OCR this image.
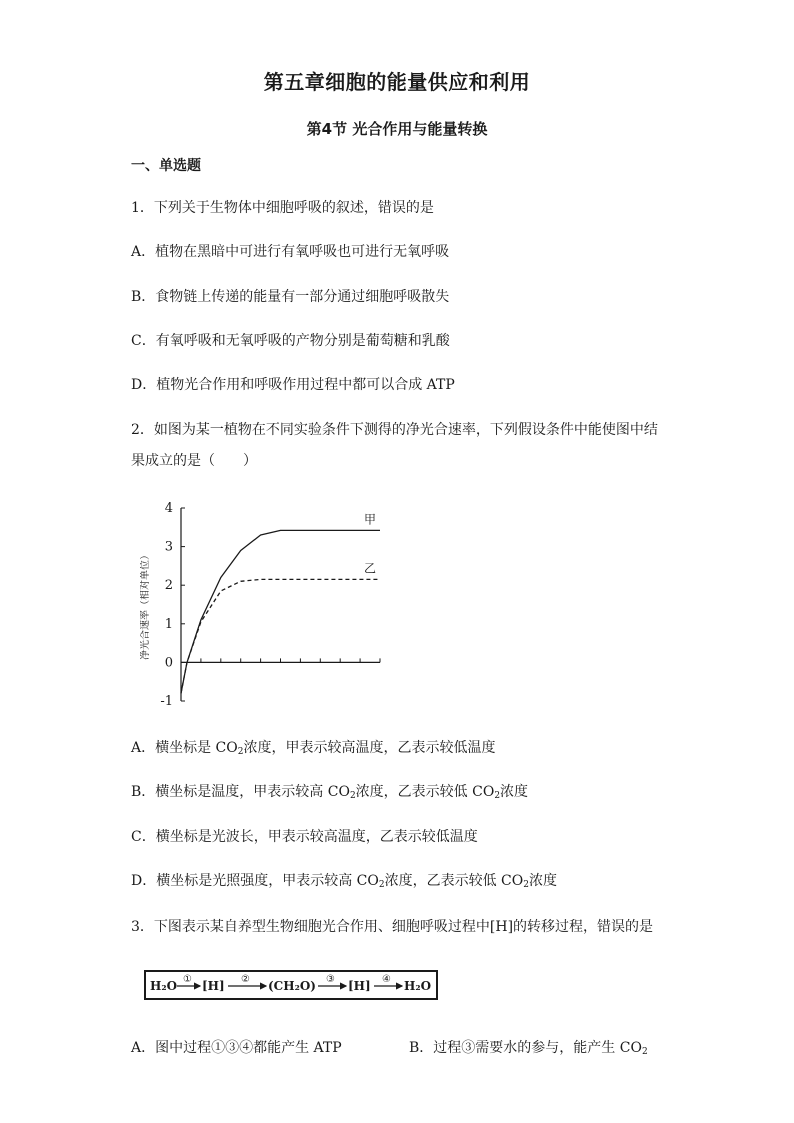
第五章细胞的能量供应和利用
第4节 光合作用与能量转换
一、单选题
1．下列关于生物体中细胞呼吸的叙述，错误的是
A．植物在黑暗中可进行有氧呼吸也可进行无氧呼吸
B．食物链上传递的能量有一部分通过细胞呼吸散失
C．有氧呼吸和无氧呼吸的产物分别是葡萄糖和乳酸
D．植物光合作用和呼吸作用过程中都可以合成 ATP
2．如图为某一植物在不同实验条件下测得的净光合速率，下列假设条件中能使图中结
果成立的是（　　）
4
3
2
1
0
-1
净光合速率（相对单位）
甲
乙
A．横坐标是 $CO_2$浓度，甲表示较高温度，乙表示较低温度
B．横坐标是温度，甲表示较高 $CO_2$浓度，乙表示较低 $CO_2$浓度
C．横坐标是光波长，甲表示较高温度，乙表示较低温度
D．横坐标是光照强度，甲表示较高 $CO_2$浓度，乙表示较低 $CO_2$浓度
3．下图表示某自养型生物细胞光合作用、细胞呼吸过程中[H]的转移过程，错误的是
H₂O [H]	(CH₂O)	[H]	H₂O
①	②	③	④
A．图中过程①③④都能产生 ATP	B．过程③需要水的参与，能产生 $CO_2$
